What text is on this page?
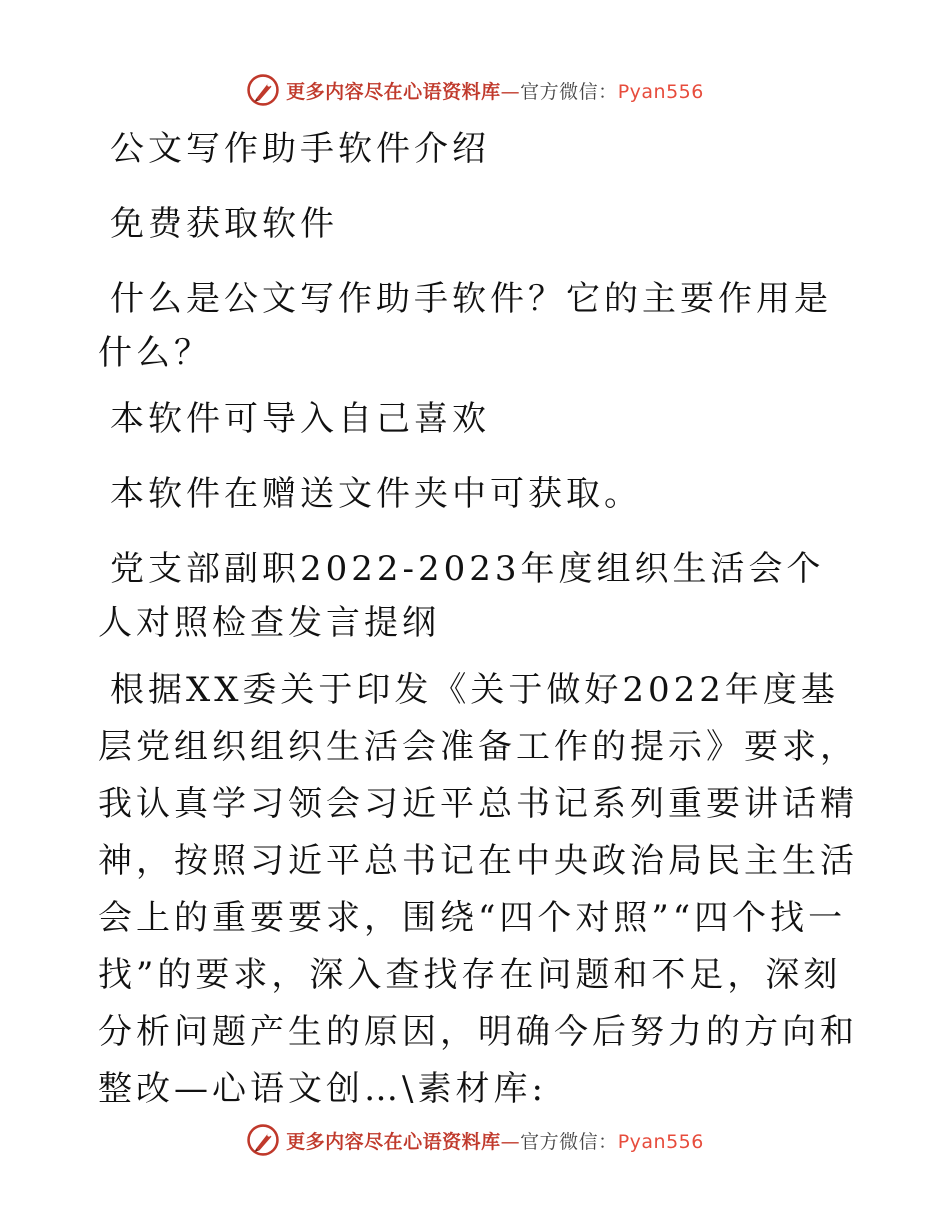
更多内容尽在心语资料库—官方微信：Pyan556

公文写作助手软件介绍

免费获取软件

什么是公文写作助手软件？它的主要作用是什么？

本软件可导入自己喜欢

本软件在赠送文件夹中可获取。

党支部副职2022-2023年度组织生活会个人对照检查发言提纲

根据XX委关于印发《关于做好2022年度基层党组织组织生活会准备工作的提示》要求，我认真学习领会习近平总书记系列重要讲话精神，按照习近平总书记在中央政治局民主生活会上的重要要求，围绕“四个对照”“四个找一找”的要求，深入查找存在问题和不足，深刻分析问题产生的原因，明确今后努力的方向和整改—心语文创…\素材库:

更多内容尽在心语资料库—官方微信：Pyan556
